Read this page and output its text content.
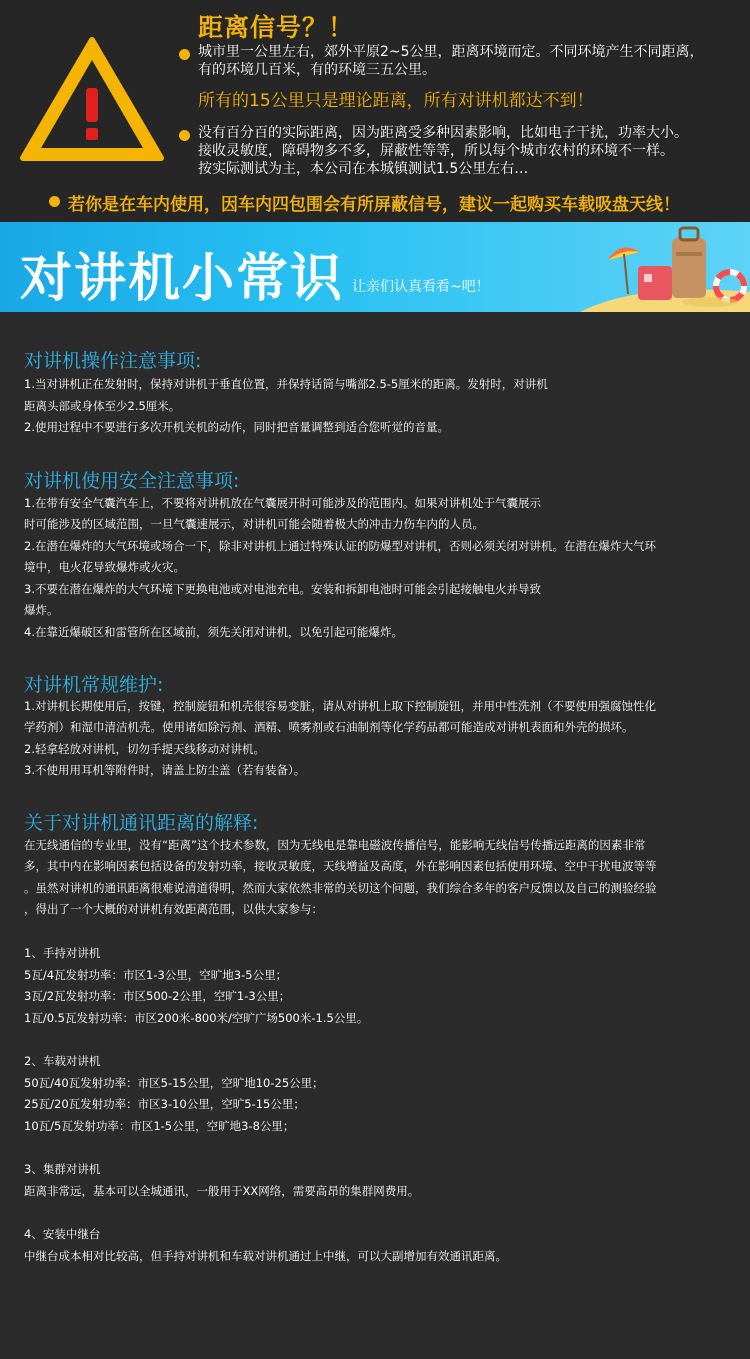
距离信号？！
城市里一公里左右，郊外平原2~5公里，距离环境而定。不同环境产生不同距离，
有的环境几百米，有的环境三五公里。
所有的15公里只是理论距离，所有对讲机都达不到！
没有百分百的实际距离，因为距离受多种因素影响，比如电子干扰，功率大小。
接收灵敏度，障碍物多不多，屏蔽性等等，所以每个城市农村的环境不一样。
按实际测试为主，本公司在本城镇测试1.5公里左右…
若你是在车内使用，因车内四包围会有所屏蔽信号，建议一起购买车载吸盘天线！
对讲机小常识 让亲们认真看看~吧！
对讲机操作注意事项:
1.当对讲机正在发射时，保持对讲机于垂直位置，并保持话筒与嘴部2.5-5厘米的距离。发射时，对讲机
距离头部或身体至少2.5厘米。
2.使用过程中不要进行多次开机关机的动作，同时把音量调整到适合您听觉的音量。
对讲机使用安全注意事项:
1.在带有安全气囊汽车上，不要将对讲机放在气囊展开时可能涉及的范围内。如果对讲机处于气囊展示
时可能涉及的区域范围，一旦气囊速展示，对讲机可能会随着极大的冲击力伤车内的人员。
2.在潜在爆炸的大气环境或场合一下，除非对讲机上通过特殊认证的防爆型对讲机，否则必须关闭对讲机。在潜在爆炸大气环
境中，电火花导致爆炸或火灾。
3.不要在潜在爆炸的大气环境下更换电池或对电池充电。安装和拆卸电池时可能会引起接触电火并导致
爆炸。
4.在靠近爆破区和雷管所在区域前，须先关闭对讲机，以免引起可能爆炸。
对讲机常规维护:
1.对讲机长期使用后，按键，控制旋钮和机壳很容易变脏，请从对讲机上取下控制旋钮，并用中性洗剂（不要使用强腐蚀性化
学药剂）和湿巾清洁机壳。使用诸如除污剂、酒精、喷雾剂或石油制剂等化学药品都可能造成对讲机表面和外壳的损坏。
2.轻拿轻放对讲机，切勿手提天线移动对讲机。
3.不使用用耳机等附件时，请盖上防尘盖（若有装备）。
关于对讲机通讯距离的解释:
在无线通信的专业里，没有“距离”这个技术参数，因为无线电是靠电磁波传播信号，能影响无线信号传播远距离的因素非常
多，其中内在影响因素包括设备的发射功率，接收灵敏度，天线增益及高度，外在影响因素包括使用环境、空中干扰电波等等
。虽然对讲机的通讯距离很难说清道得明，然而大家依然非常的关切这个问题，我们综合多年的客户反馈以及自己的测验经验
，得出了一个大概的对讲机有效距离范围，以供大家参与：
1、手持对讲机
5瓦/4瓦发射功率：市区1-3公里，空旷地3-5公里；
3瓦/2瓦发射功率：市区500-2公里，空旷1-3公里；
1瓦/0.5瓦发射功率：市区200米-800米/空旷广场500米-1.5公里。
2、车载对讲机
50瓦/40瓦发射功率：市区5-15公里，空旷地10-25公里；
25瓦/20瓦发射功率：市区3-10公里，空旷5-15公里；
10瓦/5瓦发射功率：市区1-5公里，空旷地3-8公里；
3、集群对讲机
距离非常远，基本可以全城通讯，一般用于XX网络，需要高昂的集群网费用。
4、安装中继台
中继台成本相对比较高，但手持对讲机和车载对讲机通过上中继，可以大副增加有效通讯距离。
